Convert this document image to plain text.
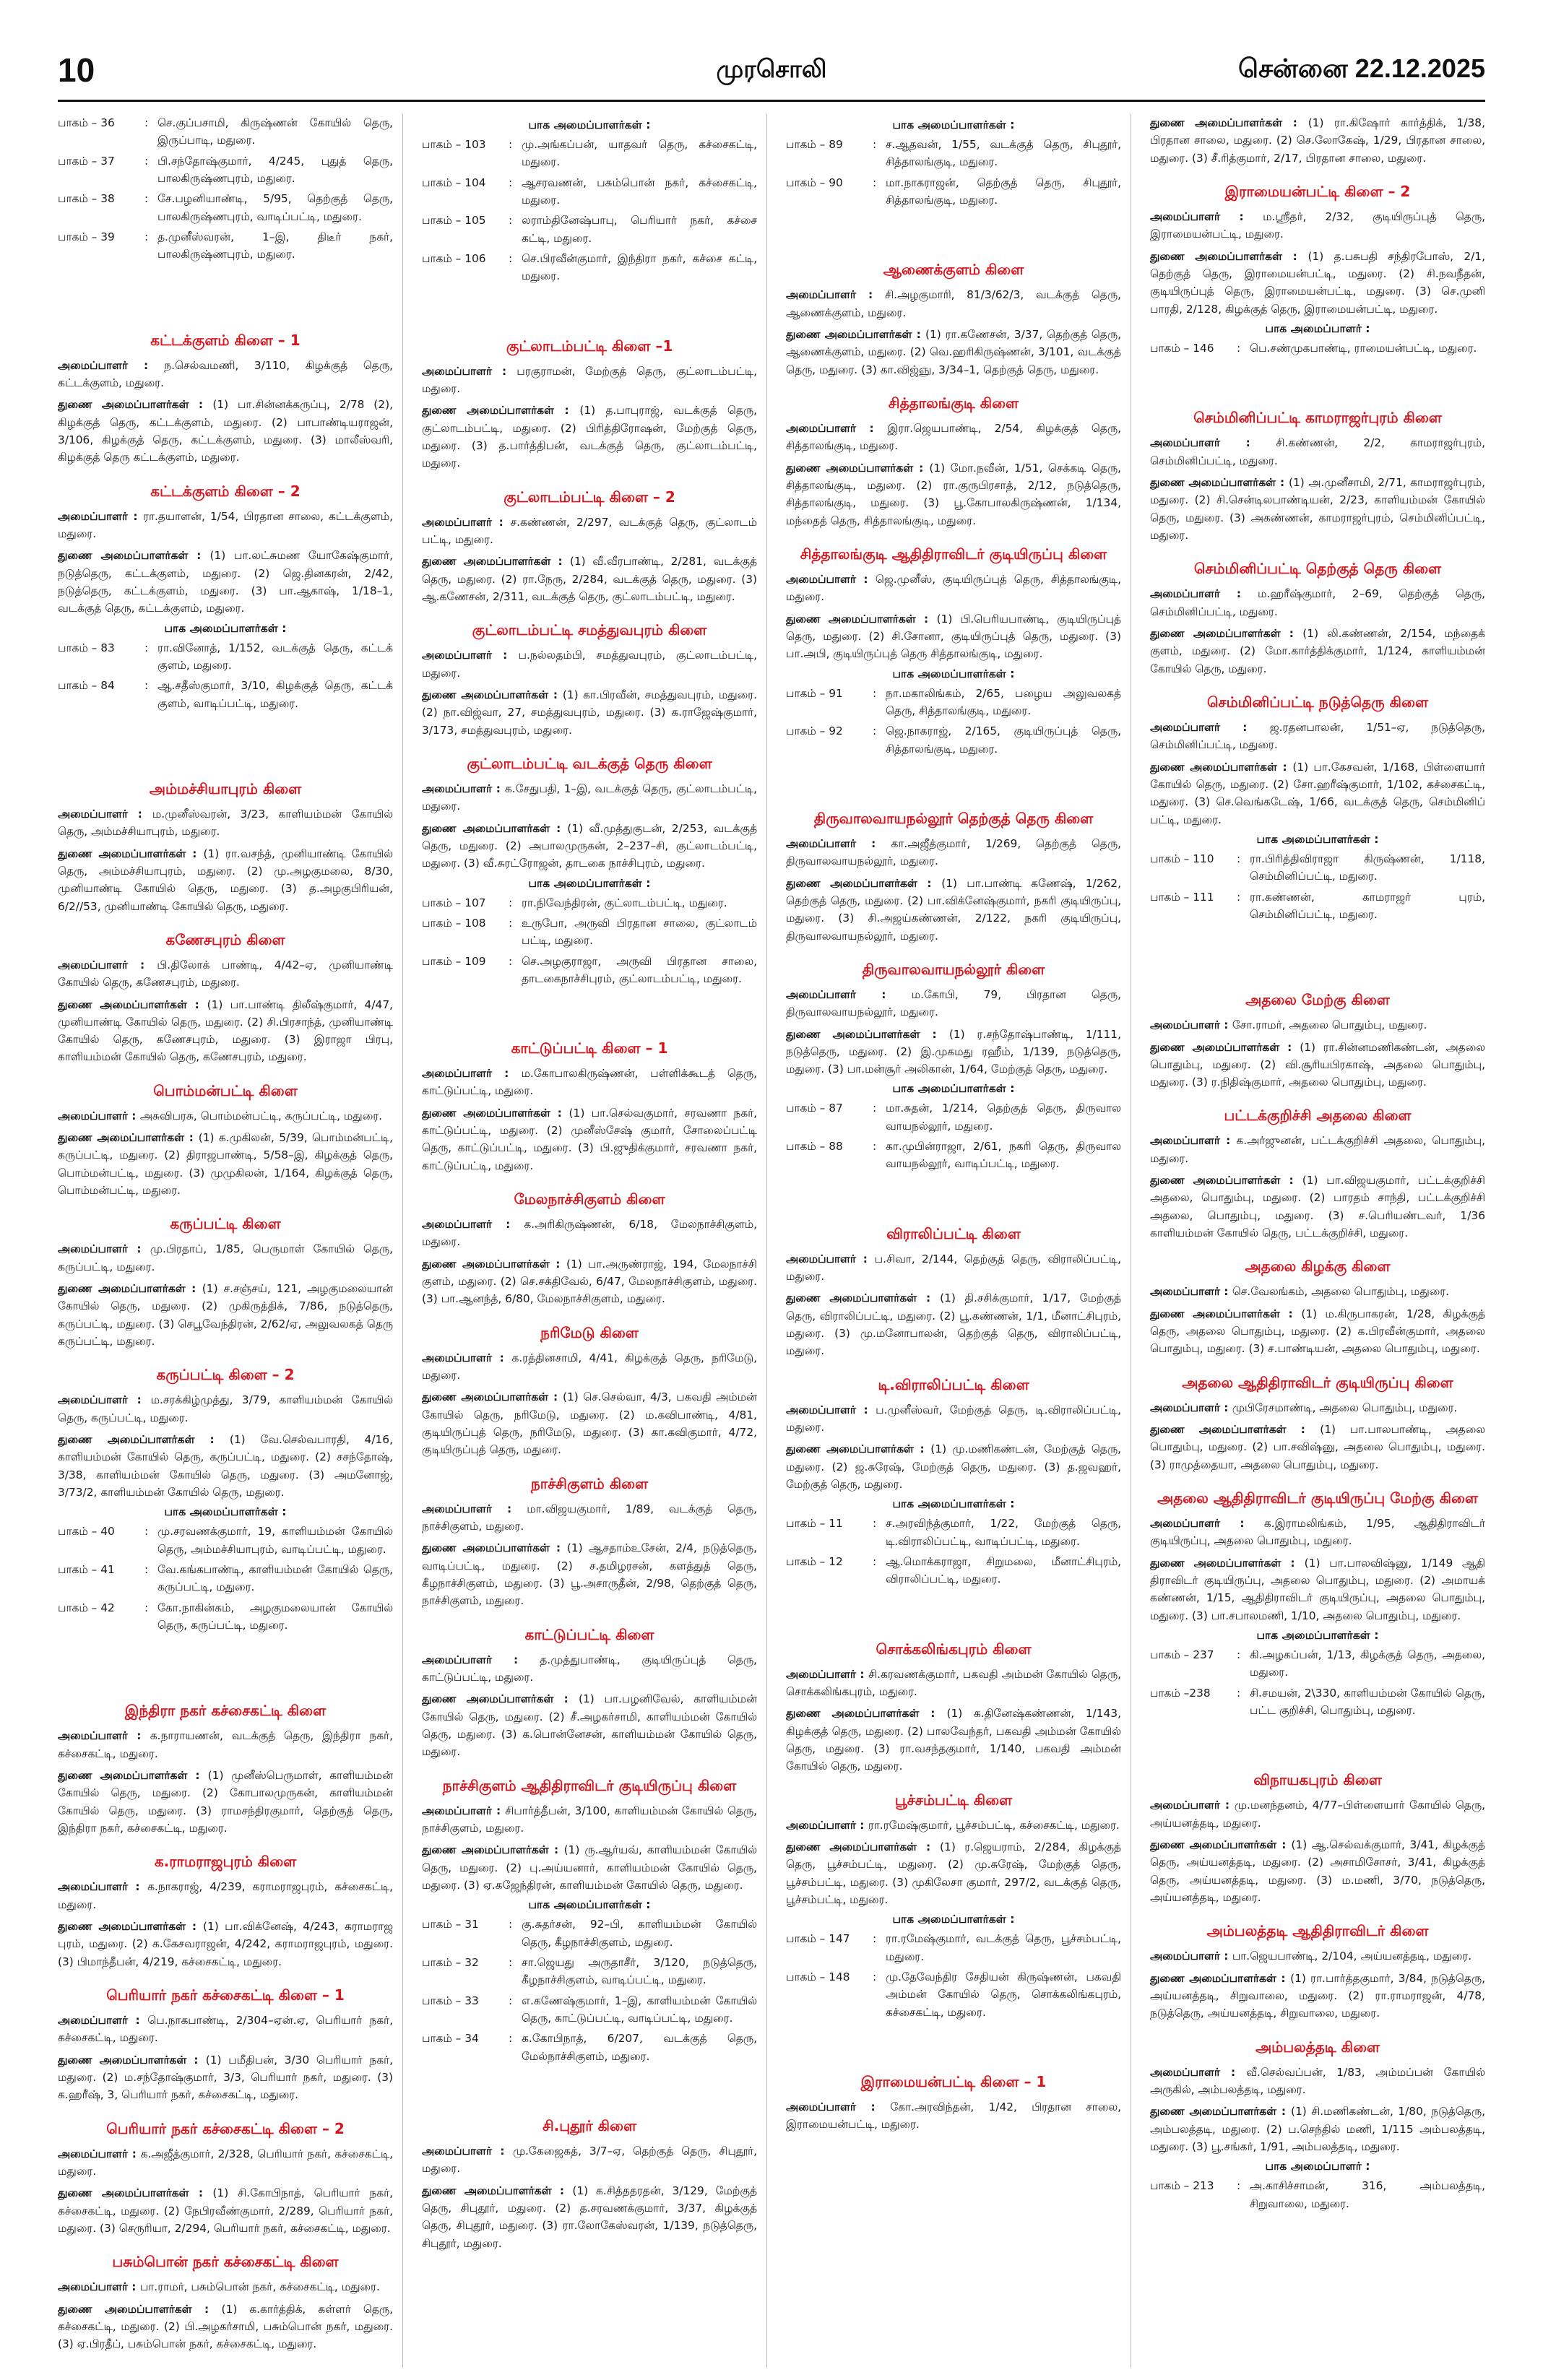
10	முரசொலி	சென்னை 22.12.2025
பாகம் – 36	: செ.குப்பசாமி, கிருஷ்ணன் கோயில் தெரு, இருப்பாடி, மதுரை.
பாகம் – 37	: பி.சந்தோஷ்குமார், 4/245, புதுத் தெரு, பாலகிருஷ்ணபுரம், மதுரை.
பாகம் – 38	: சே.பழனியாண்டி, 5/95, தெற்குத் தெரு, பாலகிருஷ்ணபுரம், வாடிப்பட்டி, மதுரை.
பாகம் – 39	: த.முனீஸ்வரன், 1–இ, திடீர் நகர், பாலகிருஷ்ணபுரம், மதுரை.
கட்டக்குளம் கிளை – 1
அமைப்பாளர் : ந.செல்வமணி, 3/110, கிழக்குத் தெரு, கட்டக்குளம், மதுரை.
துணை அமைப்பாளர்கள் : (1) பா.சின்னக்கருப்பு, 2/78 (2), கிழக்குத் தெரு, கட்டக்குளம், மதுரை. (2) பாபாண்டியராஜன், 3/106, கிழக்குத் தெரு, கட்டக்குளம், மதுரை. (3) மாலீஸ்வரி, கிழக்குத் தெரு கட்டக்குளம், மதுரை.
கட்டக்குளம் கிளை – 2
அமைப்பாளர் : ரா.தயாளன், 1/54, பிரதான சாலை, கட்டக்குளம், மதுரை.
துணை அமைப்பாளர்கள் : (1) பா.லட்சுமண யோகேஷ்குமார், நடுத்தெரு, கட்டக்குளம், மதுரை. (2) ஜெ.தினகரன், 2/42, நடுத்தெரு, கட்டக்குளம், மதுரை. (3) பா.ஆகாஷ், 1/18–1, வடக்குத் தெரு, கட்டக்குளம், மதுரை.
பாக அமைப்பாளர்கள் :
பாகம் – 83	: ரா.வினோத், 1/152, வடக்குத் தெரு, கட்டக் குளம், மதுரை.
பாகம் – 84	: ஆ.சதீஸ்குமார், 3/10, கிழக்குத் தெரு, கட்டக் குளம், வாடிப்பட்டி, மதுரை.
அம்மச்சியாபுரம் கிளை
அமைப்பாளர் : ம.முனீஸ்வரன், 3/23, காளியம்மன் கோயில் தெரு, அம்மச்சியாபுரம், மதுரை.
துணை அமைப்பாளர்கள் : (1) ரா.வசந்த், முனியாண்டி கோயில் தெரு, அம்மச்சியாபுரம், மதுரை. (2) மு.அழகுமலை, 8/30, முனியாண்டி கோயில் தெரு, மதுரை. (3) த.அழகுபிரியன், 6/2//53, முனியாண்டி கோயில் தெரு, மதுரை.
கணேசபுரம் கிளை
அமைப்பாளர் : பி.திலோக் பாண்டி, 4/42–ஏ, முனியாண்டி கோயில் தெரு, கணேசபுரம், மதுரை.
துணை அமைப்பாளர்கள் : (1) பா.பாண்டி திலீஷ்குமார், 4/47, முனியாண்டி கோயில் தெரு, மதுரை. (2) சி.பிரசாந்த், முனியாண்டி கோயில் தெரு, கணேசபுரம், மதுரை. (3) இராஜா பிரபு, காளியம்மன் கோயில் தெரு, கணேசபுரம், மதுரை.
பொம்மன்பட்டி கிளை
அமைப்பாளர் : அசுவிபரசு, பொம்மன்பட்டி, கருப்பட்டி, மதுரை.
துணை அமைப்பாளர்கள் : (1) க.முகிலன், 5/39, பொம்மன்பட்டி, கருப்பட்டி, மதுரை. (2) திராஜபாண்டி, 5/58–இ, கிழக்குத் தெரு, பொம்மன்பட்டி, மதுரை. (3) முமுகிலன், 1/164, கிழக்குத் தெரு, பொம்மன்பட்டி, மதுரை.
கருப்பட்டி கிளை
அமைப்பாளர் : மு.பிரதாப், 1/85, பெருமாள் கோயில் தெரு, கருப்பட்டி, மதுரை.
துணை அமைப்பாளர்கள் : (1) ச.சஞ்சய், 121, அழகுமலையான் கோயில் தெரு, மதுரை. (2) முகிருத்திக், 7/86, நடுத்தெரு, கருப்பட்டி, மதுரை. (3) செபூவேந்திரன், 2/62/ஏ, அலுவலகத் தெரு கருப்பட்டி, மதுரை.
கருப்பட்டி கிளை – 2
அமைப்பாளர் : ம.சரக்கிழ்முத்து, 3/79, காளியம்மன் கோயில் தெரு, கருப்பட்டி, மதுரை.
துணை அமைப்பாளர்கள் : (1) வே.செல்வபாரதி, 4/16, காளியம்மன் கோயில் தெரு, கருப்பட்டி, மதுரை. (2) சசந்தோஷ், 3/38, காளியம்மன் கோயில் தெரு, மதுரை. (3) அமனோஜ், 3/73/2, காளியம்மன் கோயில் தெரு, மதுரை.
பாக அமைப்பாளர்கள் :
பாகம் – 40	: மு.சரவணக்குமார், 19, காளியம்மன் கோயில் தெரு, அம்மச்சியாபுரம், வாடிப்பட்டி, மதுரை.
பாகம் – 41	: வே.கங்கபாண்டி, காளியம்மன் கோயில் தெரு, கருப்பட்டி, மதுரை.
பாகம் – 42	: கோ.நாகின்கம், அழகுமலையான் கோயில் தெரு, கருப்பட்டி, மதுரை.
இந்திரா நகர் கச்சைகட்டி கிளை
அமைப்பாளர் : க.நாராயணன், வடக்குத் தெரு, இந்திரா நகர், கச்சைகட்டி, மதுரை.
துணை அமைப்பாளர்கள் : (1) முனீஸ்பெருமாள், காளியம்மன் கோயில் தெரு, மதுரை. (2) கோபாலமுருகன், காளியம்மன் கோயில் தெரு, மதுரை. (3) ராமசந்திரகுமார், தெற்குத் தெரு, இந்திரா நகர், கச்சைகட்டி, மதுரை.
க.ராமராஜபுரம் கிளை
அமைப்பாளர் : க.நாகராஜ், 4/239, கராமராஜபுரம், கச்சைகட்டி, மதுரை.
துணை அமைப்பாளர்கள் : (1) பா.விக்னேஷ், 4/243, கராமராஜ புரம், மதுரை. (2) க.கேசவராஜன், 4/242, கராமராஜபுரம், மதுரை. (3) பிமாந்தீபன், 4/219, கச்சைகட்டி, மதுரை.
பெரியார் நகர் கச்சைகட்டி கிளை – 1
அமைப்பாளர் : பெ.நாகபாண்டி, 2/304–ஏன்.ஏ, பெரியார் நகர், கச்சைகட்டி, மதுரை.
துணை அமைப்பாளர்கள் : (1) பமீதிபன், 3/30 பெரியார் நகர், மதுரை. (2) ம.சந்தோஷ்குமார், 3/3, பெரியார் நகர், மதுரை. (3) க.ஹரீஷ், 3, பெரியார் நகர், கச்சைகட்டி, மதுரை.
பெரியார் நகர் கச்சைகட்டி கிளை – 2
அமைப்பாளர் : க.அஜீத்குமார், 2/328, பெரியார் நகர், கச்சைகட்டி, மதுரை.
துணை அமைப்பாளர்கள் : (1) சி.கோபிநாத், பெரியார் நகர், கச்சைகட்டி, மதுரை. (2) நேபிரவீண்குமார், 2/289, பெரியார் நகர், மதுரை. (3) செருரியா, 2/294, பெரியார் நகர், கச்சைகட்டி, மதுரை.
பசும்பொன் நகர் கச்சைகட்டி கிளை
அமைப்பாளர் : பா.ராமர், பசும்பொன் நகர், கச்சைகட்டி, மதுரை.
துணை அமைப்பாளர்கள் : (1) க.கார்த்திக், கள்ளர் தெரு, கச்சைகட்டி, மதுரை. (2) பி.அழகர்சாமி, பசும்பொன் நகர், மதுரை. (3) ஏ.பிரதீப், பசும்பொன் நகர், கச்சைகட்டி, மதுரை.
பாக அமைப்பாளர்கள் :
பாகம் – 103	: மு.அங்கப்பன், யாதவர் தெரு, கச்சைகட்டி, மதுரை.
பாகம் – 104	: ஆசரவணன், பசும்பொன் நகர், கச்சைகட்டி, மதுரை.
பாகம் – 105	: லராம்தினேஷ்பாபு, பெரியார் நகர், கச்சை கட்டி, மதுரை.
பாகம் – 106	: செ.பிரவீன்குமார், இந்திரா நகர், கச்சை கட்டி, மதுரை.
குட்லாடம்பட்டி கிளை –1
அமைப்பாளர் : பரகுராமன், மேற்குத் தெரு, குட்லாடம்பட்டி, மதுரை.
துணை அமைப்பாளர்கள் : (1) த.பாபுராஜ், வடக்குத் தெரு, குட்லாடம்பட்டி, மதுரை. (2) பிரித்திரோஷன், மேற்குத் தெரு, மதுரை. (3) த.பார்த்திபன், வடக்குத் தெரு, குட்லாடம்பட்டி, மதுரை.
குட்லாடம்பட்டி கிளை – 2
அமைப்பாளர் : ச.கண்ணன், 2/297, வடக்குத் தெரு, குட்லாடம் பட்டி, மதுரை.
துணை அமைப்பாளர்கள் : (1) வீ.வீரபாண்டி, 2/281, வடக்குத் தெரு, மதுரை. (2) ரா.நேரு, 2/284, வடக்குத் தெரு, மதுரை. (3) ஆ.கணேசன், 2/311, வடக்குத் தெரு, குட்லாடம்பட்டி, மதுரை.
குட்லாடம்பட்டி சமத்துவபுரம் கிளை
அமைப்பாளர் : ப.நல்லதம்பி, சமத்துவபுரம், குட்லாடம்பட்டி, மதுரை.
துணை அமைப்பாளர்கள் : (1) கா.பிரவீன், சமத்துவபுரம், மதுரை. (2) நா.விஜ்வா, 27, சமத்துவபுரம், மதுரை. (3) க.ராஜேஷ்குமார், 3/173, சமத்துவபுரம், மதுரை.
குட்லாடம்பட்டி வடக்குத் தெரு கிளை
அமைப்பாளர் : க.சேதுபதி, 1–இ, வடக்குத் தெரு, குட்லாடம்பட்டி, மதுரை.
துணை அமைப்பாளர்கள் : (1) வீ.முத்துகுடன், 2/253, வடக்குத் தெரு, மதுரை. (2) அபாலமுருகன், 2–237–சி, குட்லாடம்பட்டி, மதுரை. (3) வீ.சுரட்ரோஜன், தாடகை நாச்சிபுரம், மதுரை.
பாக அமைப்பாளர்கள் :
பாகம் – 107	: ரா.நிவேந்திரன், குட்லாடம்பட்டி, மதுரை.
பாகம் – 108	: உருபோ, அருவி பிரதான சாலை, குட்லாடம் பட்டி, மதுரை.
பாகம் – 109	: செ.அழகுராஜா, அருவி பிரதான சாலை, தாடகைநாச்சிபுரம், குட்லாடம்பட்டி, மதுரை.
காட்டுப்பட்டி கிளை – 1
அமைப்பாளர் : ம.கோபாலகிருஷ்ணன், பள்ளிக்கூடத் தெரு, காட்டுப்பட்டி, மதுரை.
துணை அமைப்பாளர்கள் : (1) பா.செல்வகுமார், சரவணா நகர், காட்டுப்பட்டி, மதுரை. (2) முனீஸ்சேஷ் குமார், சோலைப்பட்டி தெரு, காட்டுப்பட்டி, மதுரை. (3) பி.ஜுதிக்குமார், சரவணா நகர், காட்டுப்பட்டி, மதுரை.
மேலநாச்சிகுளம் கிளை
அமைப்பாளர் : க.அரிகிருஷ்ணன், 6/18, மேலநாச்சிகுளம், மதுரை.
துணை அமைப்பாளர்கள் : (1) பா.அருண்ராஜ், 194, மேலநாச்சி குளம், மதுரை. (2) செ.சக்திவேல், 6/47, மேலநாச்சிகுளம், மதுரை. (3) பா.ஆனந்த், 6/80, மேலநாச்சிகுளம், மதுரை.
நரிமேடு கிளை
அமைப்பாளர் : க.ரத்தினசாமி, 4/41, கிழக்குத் தெரு, நரிமேடு, மதுரை.
துணை அமைப்பாளர்கள் : (1) செ.செல்வா, 4/3, பகவதி அம்மன் கோயில் தெரு, நரிமேடு, மதுரை. (2) ம.கவிபாண்டி, 4/81, குடியிருப்புத் தெரு, நரிமேடு, மதுரை. (3) கா.கவிகுமார், 4/72, குடியிருப்புத் தெரு, மதுரை.
நாச்சிகுளம் கிளை
அமைப்பாளர் : மா.விஜயகுமார், 1/89, வடக்குத் தெரு, நாச்சிகுளம், மதுரை.
துணை அமைப்பாளர்கள் : (1) ஆசதாம்உசேன், 2/4, நடுத்தெரு, வாடிப்பட்டி, மதுரை. (2) ச.தமிழரசன், களத்துத் தெரு, கீழநாச்சிகுளம், மதுரை. (3) பூ.அசாருதீன், 2/98, தெற்குத் தெரு, நாச்சிகுளம், மதுரை.
காட்டுப்பட்டி கிளை
அமைப்பாளர் : த.முத்துபாண்டி, குடியிருப்புத் தெரு, காட்டுப்பட்டி, மதுரை.
துணை அமைப்பாளர்கள் : (1) பா.பழனிவேல், காளியம்மன் கோயில் தெரு, மதுரை. (2) சீ.அழகர்சாமி, காளியம்மன் கோயில் தெரு, மதுரை. (3) க.பொன்னேசன், காளியம்மன் கோயில் தெரு, மதுரை.
நாச்சிகுளம் ஆதிதிராவிடர் குடியிருப்பு கிளை
அமைப்பாளர் : சிபார்த்தீபன், 3/100, காளியம்மன் கோயில் தெரு, நாச்சிகுளம், மதுரை.
துணை அமைப்பாளர்கள் : (1) ரு.ஆர்யவ், காளியம்மன் கோயில் தெரு, மதுரை. (2) பு.அய்யனார், காளியம்மன் கோயில் தெரு, மதுரை. (3) ஏ.கஜேந்திரன், காளியம்மன் கோயில் தெரு, மதுரை.
பாக அமைப்பாளர்கள் :
பாகம் – 31	: கு.சுதர்சன், 92–பி, காளியம்மன் கோயில் தெரு, கீழநாச்சிகுளம், மதுரை.
பாகம் – 32	: சா.ஜெயது அருதாசீர், 3/120, நடுத்தெரு, கீழநாச்சிகுளம், வாடிப்பட்டி, மதுரை.
பாகம் – 33	: எ.கணேஷ்குமார், 1–இ, காளியம்மன் கோயில் தெரு, காட்டுப்பட்டி, வாடிப்பட்டி, மதுரை.
பாகம் – 34	: க.கோபிநாத், 6/207, வடக்குத் தெரு, மேல்நாச்சிகுளம், மதுரை.
சி.புதூர் கிளை
அமைப்பாளர் : மு.கேஜைகத், 3/7–ஏ, தெற்குத் தெரு, சிபுதூர், மதுரை.
துணை அமைப்பாளர்கள் : (1) க.சித்ததரதன், 3/129, மேற்குத் தெரு, சிபுதூர், மதுரை. (2) த.சரவணக்குமார், 3/37, கிழக்குத் தெரு, சிபுதூர், மதுரை. (3) ரா.லோகேஸ்வரன், 1/139, நடுத்தெரு, சிபுதூர், மதுரை.
பாக அமைப்பாளர்கள் :
பாகம் – 89	: ச.ஆதவன், 1/55, வடக்குத் தெரு, சிபுதூர், சித்தாலங்குடி, மதுரை.
பாகம் – 90	: மா.நாகராஜன், தெற்குத் தெரு, சிபுதூர், சித்தாலங்குடி, மதுரை.
ஆணைக்குளம் கிளை
அமைப்பாளர் : சி.அழகுமாரி, 81/3/62/3, வடக்குத் தெரு, ஆணைக்குளம், மதுரை.
துணை அமைப்பாளர்கள் : (1) ரா.கணேசன், 3/37, தெற்குத் தெரு, ஆணைக்குளம், மதுரை. (2) வெ.ஹரிகிருஷ்ணன், 3/101, வடக்குத் தெரு, மதுரை. (3) கா.விஜ்ஞு, 3/34–1, தெற்குத் தெரு, மதுரை.
சித்தாலங்குடி கிளை
அமைப்பாளர் : இரா.ஜெயபாண்டி, 2/54, கிழக்குத் தெரு, சித்தாலங்குடி, மதுரை.
துணை அமைப்பாளர்கள் : (1) மோ.நவீன், 1/51, செக்கடி தெரு, சித்தாலங்குடி, மதுரை. (2) ரா.குருபிரசாத், 2/12, நடுத்தெரு, சித்தாலங்குடி, மதுரை. (3) பூ.கோபாலகிருஷ்ணன், 1/134, மந்தைத் தெரு, சித்தாலங்குடி, மதுரை.
சித்தாலங்குடி ஆதிதிராவிடர் குடியிருப்பு கிளை
அமைப்பாளர் : ஜெ.முனீஸ், குடியிருப்புத் தெரு, சித்தாலங்குடி, மதுரை.
துணை அமைப்பாளர்கள் : (1) பி.பெரியபாண்டி, குடியிருப்புத் தெரு, மதுரை. (2) சி.சோனா, குடியிருப்புத் தெரு, மதுரை. (3) பா.அபி, குடியிருப்புத் தெரு சித்தாலங்குடி, மதுரை.
பாக அமைப்பாளர்கள் :
பாகம் – 91	: நா.மகாலிங்கம், 2/65, பழைய அலுவலகத் தெரு, சித்தாலங்குடி, மதுரை.
பாகம் – 92	: ஜெ.நாகராஜ், 2/165, குடியிருப்புத் தெரு, சித்தாலங்குடி, மதுரை.
திருவாலவாயநல்லூர் தெற்குத் தெரு கிளை
அமைப்பாளர் : கா.அஜீத்குமார், 1/269, தெற்குத் தெரு, திருவாலவாயநல்லூர், மதுரை.
துணை அமைப்பாளர்கள் : (1) பா.பாண்டி கணேஷ், 1/262, தெற்குத் தெரு, மதுரை. (2) பா.விக்னேஷ்குமார், நகரி குடியிருப்பு, மதுரை. (3) சி.அஜய்கண்ணன், 2/122, நகரி குடியிருப்பு, திருவாலவாயநல்லூர், மதுரை.
திருவாலவாயநல்லூர் கிளை
அமைப்பாளர் : ம.கோபி, 79, பிரதான தெரு, திருவாலவாயநல்லூர், மதுரை.
துணை அமைப்பாளர்கள் : (1) ர.சந்தோஷ்பாண்டி, 1/111, நடுத்தெரு, மதுரை. (2) இ.முகமது ரஹீம், 1/139, நடுத்தெரு, மதுரை. (3) பா.மன்சூர் அலிகான், 1/64, மேற்குத் தெரு, மதுரை.
பாக அமைப்பாளர்கள் :
பாகம் – 87	: மா.சுதன், 1/214, தெற்குத் தெரு, திருவால வாயநல்லூர், மதுரை.
பாகம் – 88	: கா.முபின்ராஜா, 2/61, நகரி தெரு, திருவால வாயநல்லூர், வாடிப்பட்டி, மதுரை.
விராலிப்பட்டி கிளை
அமைப்பாளர் : ப.சிவா, 2/144, தெற்குத் தெரு, விராலிப்பட்டி, மதுரை.
துணை அமைப்பாளர்கள் : (1) தி.சசிக்குமார், 1/17, மேற்குத் தெரு, விராலிப்பட்டி, மதுரை. (2) பூ.கண்ணன், 1/1, மீனாட்சிபுரம், மதுரை. (3) மு.மனோபாலன், தெற்குத் தெரு, விராலிப்பட்டி, மதுரை.
டி.விராலிப்பட்டி கிளை
அமைப்பாளர் : ப.முனீஸ்வர், மேற்குத் தெரு, டி.விராலிப்பட்டி, மதுரை.
துணை அமைப்பாளர்கள் : (1) மு.மணிகண்டன், மேற்குத் தெரு, மதுரை. (2) ஜ.சுரேஷ், மேற்குத் தெரு, மதுரை. (3) த.ஜவஹர், மேற்குத் தெரு, மதுரை.
பாக அமைப்பாளர்கள் :
பாகம் – 11	: ச.அரவிந்த்குமார், 1/22, மேற்குத் தெரு, டி.விராலிப்பட்டி, வாடிப்பட்டி, மதுரை.
பாகம் – 12	: ஆ.மொக்கராஜா, சிறுமலை, மீனாட்சிபுரம், விராலிப்பட்டி, மதுரை.
சொக்கலிங்கபுரம் கிளை
அமைப்பாளர் : சி.கரவணக்குமார், பகவதி அம்மன் கோயில் தெரு, சொக்கலிங்கபுரம், மதுரை.
துணை அமைப்பாளர்கள் : (1) க.தினேஷ்கண்ணன், 1/143, கிழக்குத் தெரு, மதுரை. (2) பாலவேந்தர், பகவதி அம்மன் கோயில் தெரு, மதுரை. (3) ரா.வசந்தகுமார், 1/140, பகவதி அம்மன் கோயில் தெரு, மதுரை.
பூச்சம்பட்டி கிளை
அமைப்பாளர் : ரா.ரமேஷ்குமார், பூச்சம்பட்டி, கச்சைகட்டி, மதுரை.
துணை அமைப்பாளர்கள் : (1) ர.ஜெயராம், 2/284, கிழக்குத் தெரு, பூச்சம்பட்டி, மதுரை. (2) மு.சுரேஷ், மேற்குத் தெரு, பூச்சம்பட்டி, மதுரை. (3) முகிலேசா குமார், 297/2, வடக்குத் தெரு, பூச்சம்பட்டி, மதுரை.
பாக அமைப்பாளர்கள் :
பாகம் – 147	: ரா.ரமேஷ்குமார், வடக்குத் தெரு, பூச்சம்பட்டி, மதுரை.
பாகம் – 148	: மு.தேவேந்திர சேதியன் கிருஷ்ணன், பகவதி அம்மன் கோயில் தெரு, சொக்கலிங்கபுரம், கச்சைகட்டி, மதுரை.
இராமையன்பட்டி கிளை – 1
அமைப்பாளர் : கோ.அரவிந்தன், 1/42, பிரதான சாலை, இராமையன்பட்டி, மதுரை.
துணை அமைப்பாளர்கள் : (1) ரா.கிஷோர் கார்த்திக், 1/38, பிரதான சாலை, மதுரை. (2) செ.லோகேஷ், 1/29, பிரதான சாலை, மதுரை. (3) சீ.ரித்குமார், 2/17, பிரதான சாலை, மதுரை.
இராமையன்பட்டி கிளை – 2
அமைப்பாளர் : ம.ஸ்ரீதர், 2/32, குடியிருப்புத் தெரு, இராமையன்பட்டி, மதுரை.
துணை அமைப்பாளர்கள் : (1) த.பசுபதி சந்திரபோஸ், 2/1, தெற்குத் தெரு, இராமையன்பட்டி, மதுரை. (2) சி.நவநீதன், குடியிருப்புத் தெரு, இராமையன்பட்டி, மதுரை. (3) செ.முனி பாரதி, 2/128, கிழக்குத் தெரு, இராமையன்பட்டி, மதுரை.
பாக அமைப்பாளர் :
பாகம் – 146	: பெ.சண்முகபாண்டி, ராமையன்பட்டி, மதுரை.
செம்மினிப்பட்டி காமராஜர்புரம் கிளை
அமைப்பாளர் : சி.கண்ணன், 2/2, காமராஜர்புரம், செம்மினிப்பட்டி, மதுரை.
துணை அமைப்பாளர்கள் : (1) அ.முனீசாமி, 2/71, காமராஜர்புரம், மதுரை. (2) சி.சென்டிலபாண்டியன், 2/23, காளியம்மன் கோயில் தெரு, மதுரை. (3) அகண்ணன், காமராஜர்புரம், செம்மினிப்பட்டி, மதுரை.
செம்மினிப்பட்டி தெற்குத் தெரு கிளை
அமைப்பாளர் : ம.ஹரீஷ்குமார், 2–69, தெற்குத் தெரு, செம்மினிப்பட்டி, மதுரை.
துணை அமைப்பாளர்கள் : (1) லி.கண்ணன், 2/154, மந்தைக் குளம், மதுரை. (2) மோ.கார்த்திக்குமார், 1/124, காளியம்மன் கோயில் தெரு, மதுரை.
செம்மினிப்பட்டி நடுத்தெரு கிளை
அமைப்பாளர் : ஜ.ரதனபாலன், 1/51–ஏ, நடுத்தெரு, செம்மினிப்பட்டி, மதுரை.
துணை அமைப்பாளர்கள் : (1) பா.கேசவன், 1/168, பிள்ளையார் கோயில் தெரு, மதுரை. (2) சோ.ஹரீஷ்குமார், 1/102, கச்சைகட்டி, மதுரை. (3) செ.வெங்கடேஷ், 1/66, வடக்குத் தெரு, செம்மினிப் பட்டி, மதுரை.
பாக அமைப்பாளர்கள் :
பாகம் – 110	: ரா.பிரித்திவிராஜா கிருஷ்ணன், 1/118, செம்மினிப்பட்டி, மதுரை.
பாகம் – 111	: ரா.கண்ணன், காமராஜர் புரம், செம்மினிப்பட்டி, மதுரை.
அதலை மேற்கு கிளை
அமைப்பாளர் : சோ.ராமர், அதலை பொதும்பு, மதுரை.
துணை அமைப்பாளர்கள் : (1) ரா.சின்னமணிகண்டன், அதலை பொதும்பு, மதுரை. (2) வி.சூரியபிரகாஷ், அதலை பொதும்பு, மதுரை. (3) ர.நிதிஷ்குமார், அதலை பொதும்பு, மதுரை.
பட்டக்குறிச்சி அதலை கிளை
அமைப்பாளர் : க.அர்ஜுனன், பட்டக்குறிச்சி அதலை, பொதும்பு, மதுரை.
துணை அமைப்பாளர்கள் : (1) பா.விஜயகுமார், பட்டக்குறிச்சி அதலை, பொதும்பு, மதுரை. (2) பாரதம் சாந்தி, பட்டக்குறிச்சி அதலை, பொதும்பு, மதுரை. (3) ச.பெரியண்டவர், 1/36 காளியம்மன் கோயில் தெரு, பட்டக்குறிச்சி, மதுரை.
அதலை கிழக்கு கிளை
அமைப்பாளர் : செ.வேலங்கம், அதலை பொதும்பு, மதுரை.
துணை அமைப்பாளர்கள் : (1) ம.கிருபாகரன், 1/28, கிழக்குத் தெரு, அதலை பொதும்பு, மதுரை. (2) க.பிரவீன்குமார், அதலை பொதும்பு, மதுரை. (3) ச.பாண்டியன், அதலை பொதும்பு, மதுரை.
அதலை ஆதிதிராவிடர் குடியிருப்பு கிளை
அமைப்பாளர் : முபிரேசமாண்டி, அதலை பொதும்பு, மதுரை.
துணை அமைப்பாளர்கள் : (1) பா.பாலபாண்டி, அதலை பொதும்பு, மதுரை. (2) பா.சவிஷ்னு, அதலை பொதும்பு, மதுரை. (3) ராமுத்தையா, அதலை பொதும்பு, மதுரை.
அதலை ஆதிதிராவிடர் குடியிருப்பு மேற்கு கிளை
அமைப்பாளர் : க.இராமலிங்கம், 1/95, ஆதிதிராவிடர் குடியிருப்பு, அதலை பொதும்பு, மதுரை.
துணை அமைப்பாளர்கள் : (1) பா.பாலவிஷ்னு, 1/149 ஆதி திராவிடர் குடியிருப்பு, அதலை பொதும்பு, மதுரை. (2) அமாயக் கண்ணன், 1/15, ஆதிதிராவிடர் குடியிருப்பு, அதலை பொதும்பு, மதுரை. (3) பா.சபாலமணி, 1/10, அதலை பொதும்பு, மதுரை.
பாக அமைப்பாளர்கள் :
பாகம் – 237	: கி.அழகப்பன், 1/13, கிழக்குத் தெரு, அதலை, மதுரை.
பாகம் –238	: சி.சமயன், 2\330, காளியம்மன் கோயில் தெரு, பட்ட குறிச்சி, பொதும்பு, மதுரை.
விநாயகபுரம் கிளை
அமைப்பாளர் : மு.மனந்தனம், 4/77–பிள்ளையார் கோயில் தெரு, அய்யனத்தடி, மதுரை.
துணை அமைப்பாளர்கள் : (1) ஆ.செல்வக்குமார், 3/41, கிழக்குத் தெரு, அய்யனத்தடி, மதுரை. (2) அசாமிசோசர், 3/41, கிழக்குத் தெரு, அய்யனத்தடி, மதுரை. (3) ம.மணி, 3/70, நடுத்தெரு, அய்யனத்தடி, மதுரை.
அம்பலத்தடி ஆதிதிராவிடர் கிளை
அமைப்பாளர் : பா.ஜெயபாண்டி, 2/104, அய்யனத்தடி, மதுரை.
துணை அமைப்பாளர்கள் : (1) ரா.பார்த்தகுமார், 3/84, நடுத்தெரு, அய்யனத்தடி, சிறுவாலை, மதுரை. (2) ரா.ராமராஜன், 4/78, நடுத்தெரு, அய்யனத்தடி, சிறுவாலை, மதுரை.
அம்பலத்தடி கிளை
அமைப்பாளர் : வீ.செல்வப்பன், 1/83, அம்மப்பன் கோயில் அருகில், அம்பலத்தடி, மதுரை.
துணை அமைப்பாளர்கள் : (1) சி.மணிகண்டன், 1/80, நடுத்தெரு, அம்பலத்தடி, மதுரை. (2) ப.செந்தில் மணி, 1/115 அம்பலத்தடி, மதுரை. (3) பூ.சங்கர், 1/91, அம்பலத்தடி, மதுரை.
பாக அமைப்பாளர் :
பாகம் – 213	: அ.காசிச்சாமன், 316, அம்பலத்தடி, சிறுவாலை, மதுரை.
